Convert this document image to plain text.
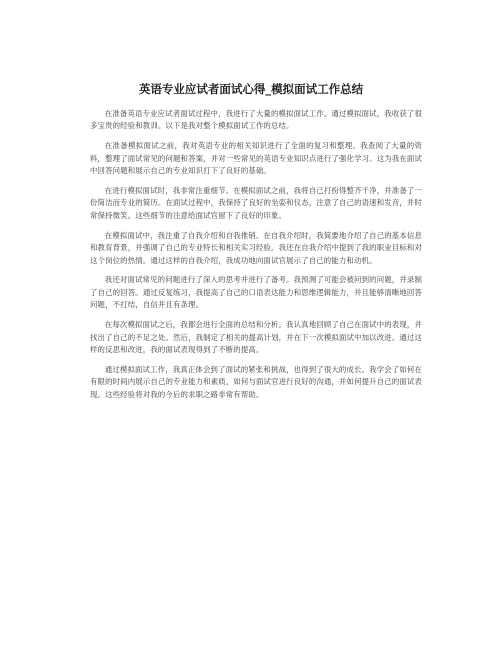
英语专业应试者面试心得_模拟面试工作总结

在准备英语专业应试者面试过程中，我进行了大量的模拟面试工作。通过模拟面试，我收获了很多宝贵的经验和教训。以下是我对整个模拟面试工作的总结。

在准备模拟面试之前，我对英语专业的相关知识进行了全面的复习和整理。我查阅了大量的资料，整理了面试常见的问题和答案，并对一些常见的英语专业知识点进行了强化学习。这为我在面试中回答问题和展示自己的专业知识打下了良好的基础。

在进行模拟面试时，我非常注重细节。在模拟面试之前，我将自己打扮得整齐干净，并准备了一份简洁而专业的简历。在面试过程中，我保持了良好的坐姿和仪态，注意了自己的语速和发音，并时常保持微笑。这些细节的注意给面试官留下了良好的印象。

在模拟面试中，我注重了自我介绍和自我推销。在自我介绍时，我简要地介绍了自己的基本信息和教育背景，并强调了自己的专业特长和相关实习经验。我还在自我介绍中提到了我的职业目标和对这个岗位的热情。通过这样的自我介绍，我成功地向面试官展示了自己的能力和动机。

我还对面试常见的问题进行了深入的思考并进行了备考。我预测了可能会被问到的问题，并录制了自己的回答。通过反复练习，我提高了自己的口语表达能力和思维逻辑能力，并且能够清晰地回答问题，不打结，自信并且有条理。

在每次模拟面试之后，我都会进行全面的总结和分析。我认真地回顾了自己在面试中的表现，并找出了自己的不足之处。然后，我制定了相关的提高计划，并在下一次模拟面试中加以改进。通过这样的反思和改进，我的面试表现得到了不断的提高。

通过模拟面试工作，我真正体会到了面试的紧张和挑战，也得到了很大的成长。我学会了如何在有限的时间内展示自己的专业能力和素质，如何与面试官进行良好的沟通，并如何提升自己的面试表现。这些经验将对我的今后的求职之路非常有帮助。
